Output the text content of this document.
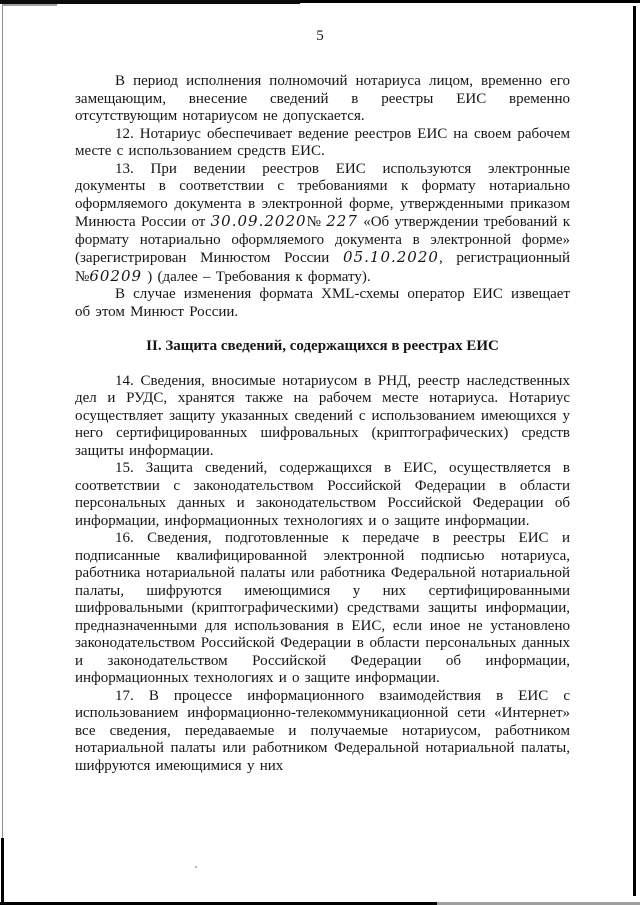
5

В период исполнения полномочий нотариуса лицом, временно его замещающим, внесение сведений в реестры ЕИС временно отсутствующим нотариусом не допускается.

12. Нотариус обеспечивает ведение реестров ЕИС на своем рабочем месте с использованием средств ЕИС.

13. При ведении реестров ЕИС используются электронные документы в соответствии с требованиями к формату нотариально оформляемого документа в электронной форме, утвержденными приказом Минюста России от 30.09.2020№ 227 «Об утверждении требований к формату нотариально оформляемого документа в электронной форме» (зарегистрирован Минюстом России 05.10.2020, регистрационный №60209 ) (далее – Требования к формату).

В случае изменения формата XML-схемы оператор ЕИС извещает об этом Минюст России.

II. Защита сведений, содержащихся в реестрах ЕИС

14. Сведения, вносимые нотариусом в РНД, реестр наследственных дел и РУДС, хранятся также на рабочем месте нотариуса. Нотариус осуществляет защиту указанных сведений с использованием имеющихся у него сертифицированных шифровальных (криптографических) средств защиты информации.

15. Защита сведений, содержащихся в ЕИС, осуществляется в соответствии с законодательством Российской Федерации в области персональных данных и законодательством Российской Федерации об информации, информационных технологиях и о защите информации.

16. Сведения, подготовленные к передаче в реестры ЕИС и подписанные квалифицированной электронной подписью нотариуса, работника нотариальной палаты или работника Федеральной нотариальной палаты, шифруются имеющимися у них сертифицированными шифровальными (криптографическими) средствами защиты информации, предназначенными для использования в ЕИС, если иное не установлено законодательством Российской Федерации в области персональных данных и законодательством Российской Федерации об информации, информационных технологиях и о защите информации.

17. В процессе информационного взаимодействия в ЕИС с использованием информационно-телекоммуникационной сети «Интернет» все сведения, передаваемые и получаемые нотариусом, работником нотариальной палаты или работником Федеральной нотариальной палаты, шифруются имеющимися у них
